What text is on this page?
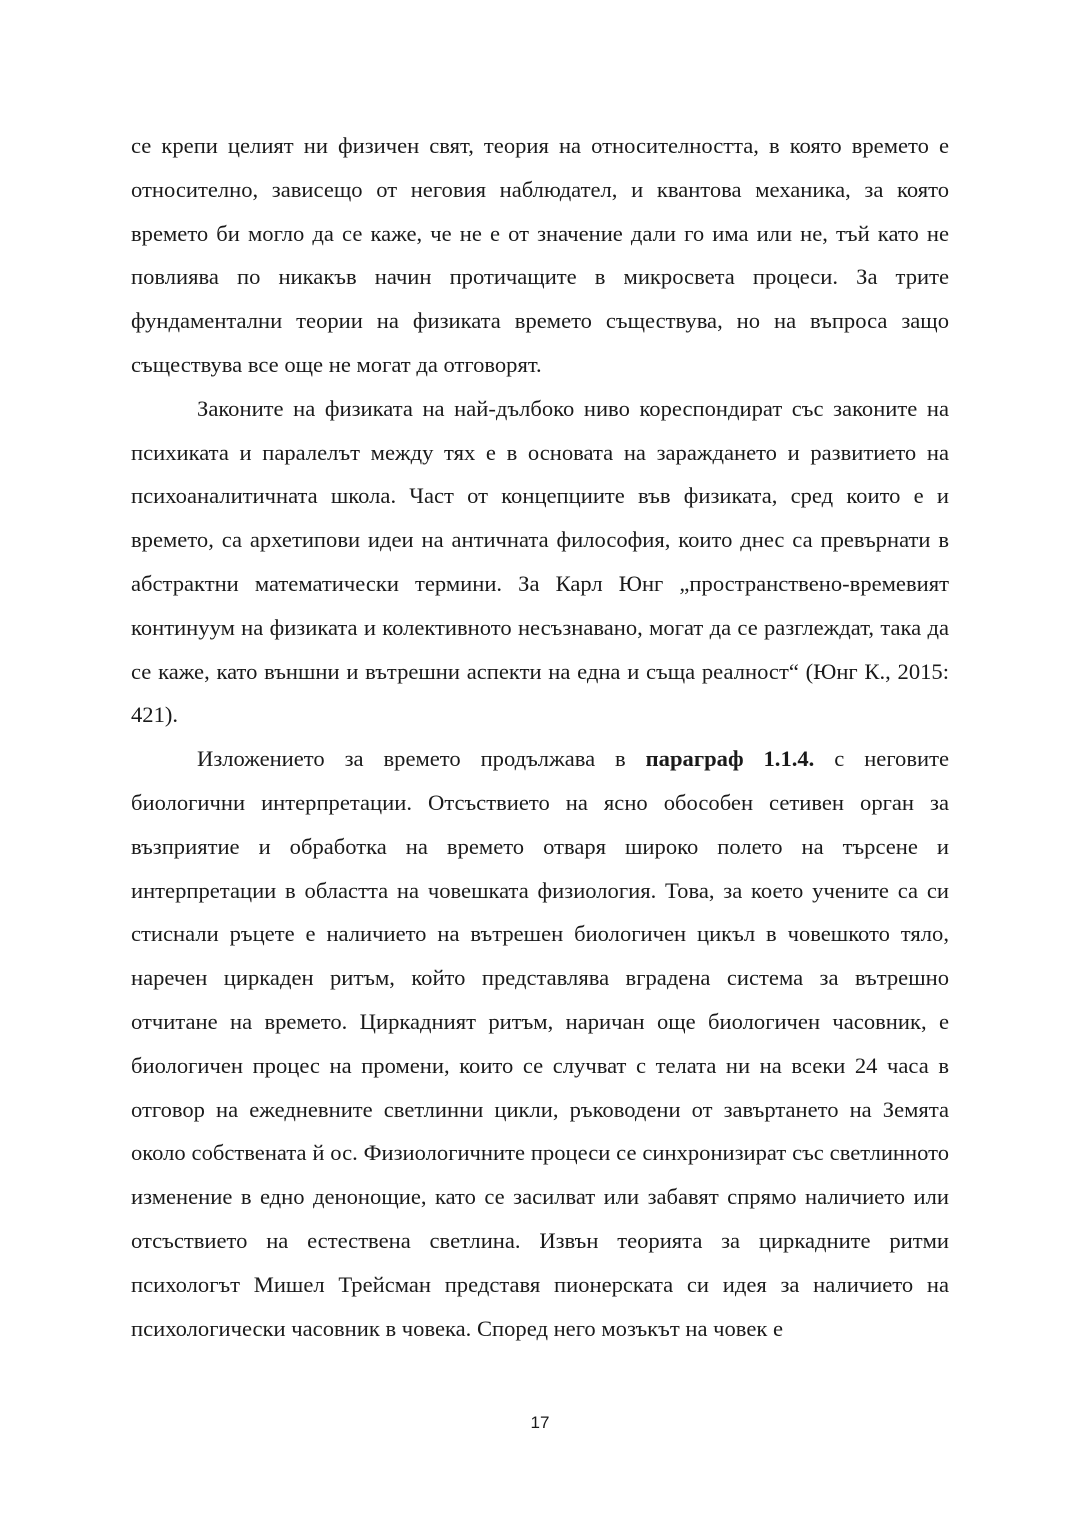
се крепи целият ни физичен свят, теория на относителността, в която времето е относително, зависещо от неговия наблюдател, и квантова механика, за която времето би могло да се каже, че не е от значение дали го има или не, тъй като не повлиява по никакъв начин протичащите в микросвета процеси. За трите фундаментални теории на физиката времето съществува, но на въпроса защо съществува все още не могат да отговорят.

Законите на физиката на най-дълбоко ниво кореспондират със законите на психиката и паралелът между тях е в основата на зараждането и развитието на психоаналитичната школа. Част от концепциите във физиката, сред които е и времето, са архетипови идеи на античната философия, които днес са превърнати в абстрактни математически термини. За Карл Юнг „пространствено-времевият континуум на физиката и колективното несъзнавано, могат да се разглеждат, така да се каже, като външни и вътрешни аспекти на една и съща реалност“ (Юнг К., 2015: 421).

Изложението за времето продължава в параграф 1.1.4. с неговите биологични интерпретации. Отсъствието на ясно обособен сетивен орган за възприятие и обработка на времето отваря широко полето на търсене и интерпретации в областта на човешката физиология. Това, за което учените са си стиснали ръцете е наличието на вътрешен биологичен цикъл в човешкото тяло, наречен циркаден ритъм, който представлява вградена система за вътрешно отчитане на времето. Циркадният ритъм, наричан още биологичен часовник, е биологичен процес на промени, които се случват с телата ни на всеки 24 часа в отговор на ежедневните светлинни цикли, ръководени от завъртането на Земята около собствената й ос. Физиологичните процеси се синхронизират със светлинното изменение в едно денонощие, като се засилват или забавят спрямо наличието или отсъствието на естествена светлина. Извън теорията за циркадните ритми психологът Мишел Трейсман представя пионерската си идея за наличието на психологически часовник в човека. Според него мозъкът на човек е

17
